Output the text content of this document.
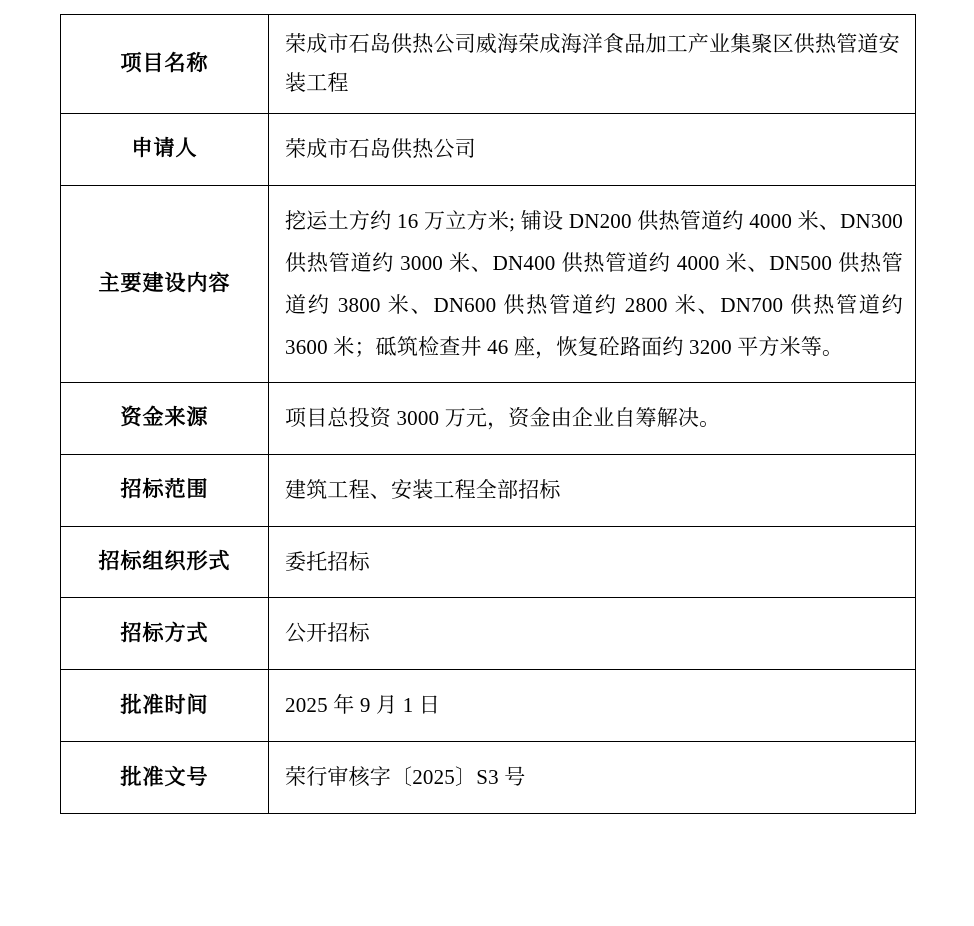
项目名称	荣成市石岛供热公司威海荣成海洋食品加工产业集聚区供热管道安装工程
申请人	荣成市石岛供热公司
主要建设内容	挖运土方约 16 万立方米; 铺设 DN200 供热管道约 4000 米、DN300 供热管道约 3000 米、DN400 供热管道约 4000 米、DN500 供热管道约 3800 米、DN600 供热管道约 2800 米、DN700 供热管道约 3600 米；砥筑检查井 46 座，恢复砼路面约 3200 平方米等。
资金来源	项目总投资 3000 万元，资金由企业自筹解决。
招标范围	建筑工程、安装工程全部招标
招标组织形式	委托招标
招标方式	公开招标
批准时间	2025 年 9 月 1 日
批准文号	荣行审核字〔2025〕S3 号
